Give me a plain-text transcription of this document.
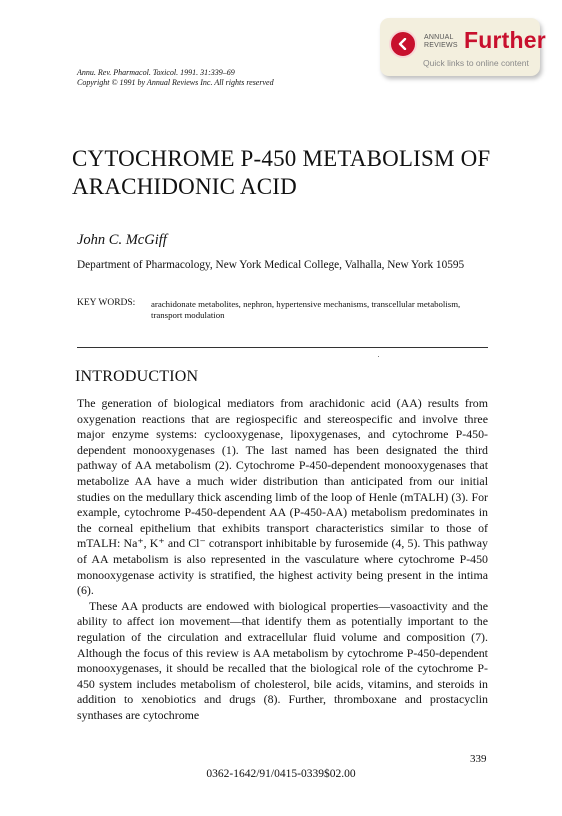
ANNUAL
REVIEWS Further
Quick links to online content
Annu. Rev. Pharmacol. Toxicol. 1991. 31:339–69
Copyright © 1991 by Annual Reviews Inc. All rights reserved
CYTOCHROME P-450 METABOLISM OF ARACHIDONIC ACID
John C. McGiff
Department of Pharmacology, New York Medical College, Valhalla, New York 10595
KEY WORDS: arachidonate metabolites, nephron, hypertensive mechanisms, transcellular metabolism, transport modulation
INTRODUCTION

The generation of biological mediators from arachidonic acid (AA) results from oxygenation reactions that are regiospecific and stereospecific and involve three major enzyme systems: cyclooxygenase, lipoxygenases, and cytochrome P-450-dependent monooxygenases (1). The last named has been designated the third pathway of AA metabolism (2). Cytochrome P-450-dependent monooxygenases that metabolize AA have a much wider distribution than anticipated from our initial studies on the medullary thick ascending limb of the loop of Henle (mTALH) (3). For example, cytochrome P-450-dependent AA (P-450-AA) metabolism predominates in the corneal epithelium that exhibits transport characteristics similar to those of mTALH: Na⁺, K⁺ and Cl⁻ cotransport inhibitable by furosemide (4, 5). This pathway of AA metabolism is also represented in the vasculature where cytochrome P-450 monooxygenase activity is stratified, the highest activity being present in the intima (6).

These AA products are endowed with biological properties—vasoactivity and the ability to affect ion movement—that identify them as potentially important to the regulation of the circulation and extracellular fluid volume and composition (7). Although the focus of this review is AA metabolism by cytochrome P-450-dependent monooxygenases, it should be recalled that the biological role of the cytochrome P-450 system includes metabolism of cholesterol, bile acids, vitamins, and steroids in addition to xenobiotics and drugs (8). Further, thromboxane and prostacyclin synthases are cytochrome

339
0362-1642/91/0415-0339$02.00
